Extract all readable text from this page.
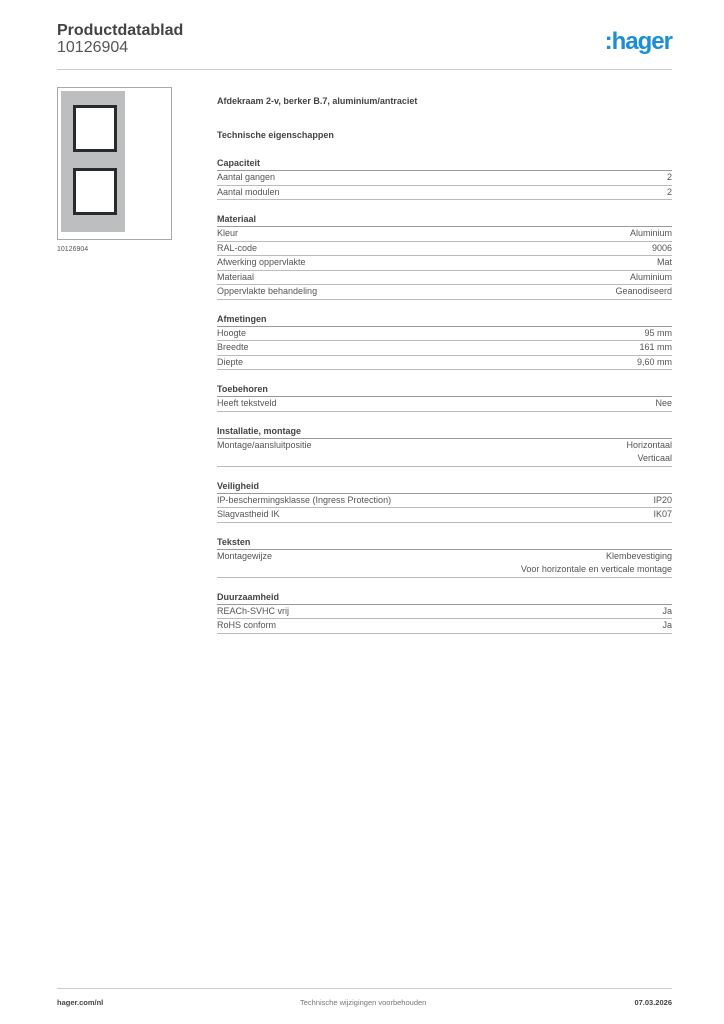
Productdatablad
10126904	:hager
10126904
Afdekraam 2-v, berker B.7, aluminium/antraciet
Technische eigenschappen
Capaciteit
Aantal gangen	2
Aantal modulen	2
Materiaal
Kleur	Aluminium
RAL-code	9006
Afwerking oppervlakte	Mat
Materiaal	Aluminium
Oppervlakte behandeling	Geanodiseerd
Afmetingen
Hoogte	95 mm
Breedte	161 mm
Diepte	9,60 mm
Toebehoren
Heeft tekstveld	Nee
Installatie, montage
Montage/aansluitpositie	Horizontaal
Verticaal
Veiligheid
IP-beschermingsklasse (Ingress Protection)	IP20
Slagvastheid IK	IK07
Teksten
Montagewijze	Klembevestiging
Voor horizontale en verticale montage
Duurzaamheid
REACh-SVHC vrij	Ja
RoHS conform	Ja
hager.com/nl	Technische wijzigingen voorbehouden	07.03.2026
